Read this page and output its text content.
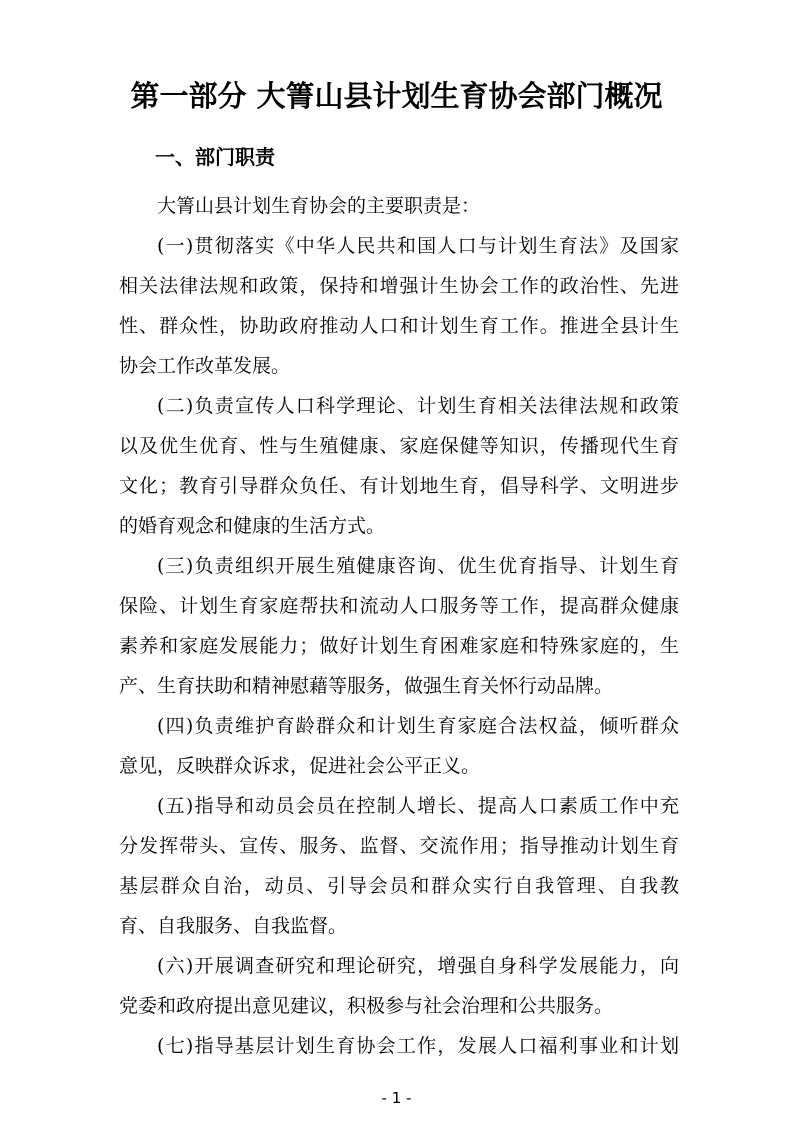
第一部分 大箐山县计划生育协会部门概况
一、部门职责
大箐山县计划生育协会的主要职责是：
(一)贯彻落实《中华人民共和国人口与计划生育法》及国家
相关法律法规和政策，保持和增强计生协会工作的政治性、先进
性、群众性，协助政府推动人口和计划生育工作。推进全县计生
协会工作改革发展。
(二)负责宣传人口科学理论、计划生育相关法律法规和政策
以及优生优育、性与生殖健康、家庭保健等知识，传播现代生育
文化；教育引导群众负任、有计划地生育，倡导科学、文明进步
的婚育观念和健康的生活方式。
(三)负责组织开展生殖健康咨询、优生优育指导、计划生育
保险、计划生育家庭帮扶和流动人口服务等工作，提高群众健康
素养和家庭发展能力；做好计划生育困难家庭和特殊家庭的，生
产、生育扶助和精神慰藉等服务，做强生育关怀行动品牌。
(四)负责维护育龄群众和计划生育家庭合法权益，倾听群众
意见，反映群众诉求，促进社会公平正义。
(五)指导和动员会员在控制人增长、提高人口素质工作中充
分发挥带头、宣传、服务、监督、交流作用；指导推动计划生育
基层群众自治，动员、引导会员和群众实行自我管理、自我教
育、自我服务、自我监督。
(六)开展调查研究和理论研究，增强自身科学发展能力，向
党委和政府提出意见建议，积极参与社会治理和公共服务。
(七)指导基层计划生育协会工作，发展人口福利事业和计划
- 1 -
